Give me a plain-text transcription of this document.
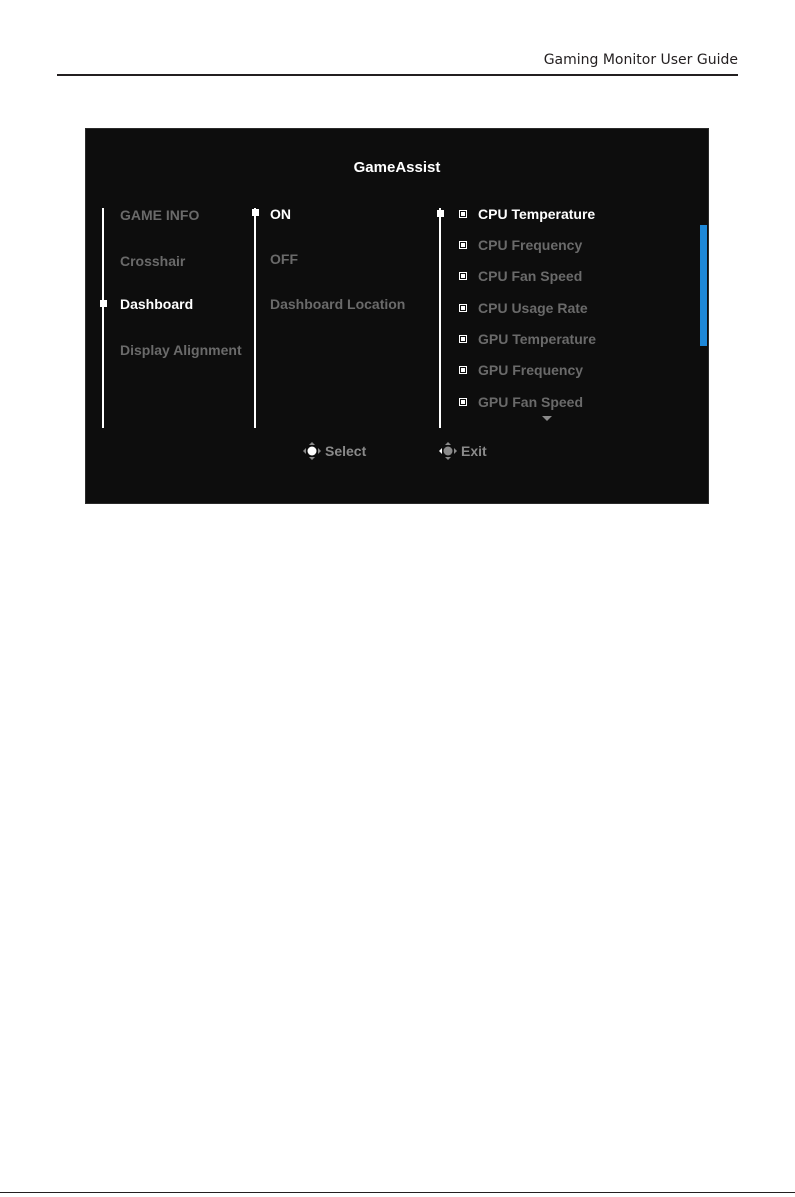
Gaming Monitor User Guide
GameAssist
GAME INFO
Crosshair
Dashboard
Display Alignment
ON
OFF
Dashboard Location
CPU Temperature
CPU Frequency
CPU Fan Speed
CPU Usage Rate
GPU Temperature
GPU Frequency
GPU Fan Speed
Select	Exit
